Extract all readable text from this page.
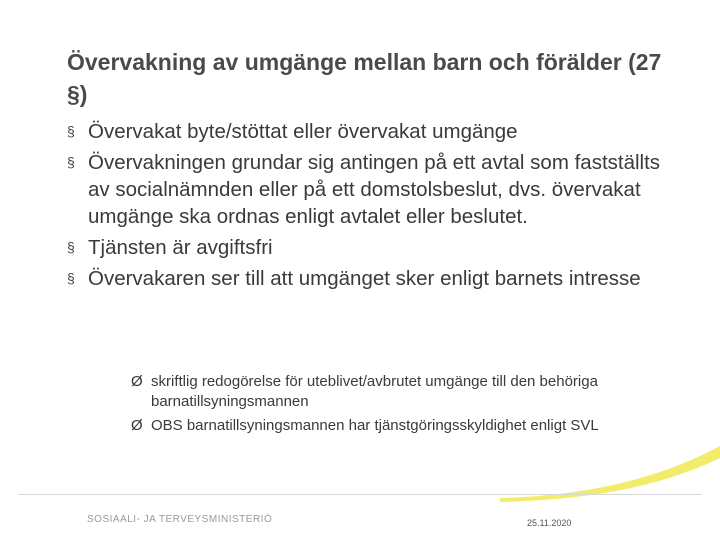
Övervakning av umgänge mellan barn och förälder (27 §)
§ Övervakat byte/stöttat eller övervakat umgänge
§ Övervakningen grundar sig antingen på ett avtal som fastställts av socialnämnden eller på ett domstolsbeslut, dvs. övervakat umgänge ska ordnas enligt avtalet eller beslutet.
§ Tjänsten är avgiftsfri
§ Övervakaren ser till att umgänget sker enligt barnets intresse
Ø skriftlig redogörelse för uteblivet/avbrutet umgänge till den behöriga barnatillsyningsmannen
Ø OBS barnatillsyningsmannen har tjänstgöringsskyldighet enligt SVL
SOSIAALI- JA TERVEYSMINISTERIÖ	25.11.2020
